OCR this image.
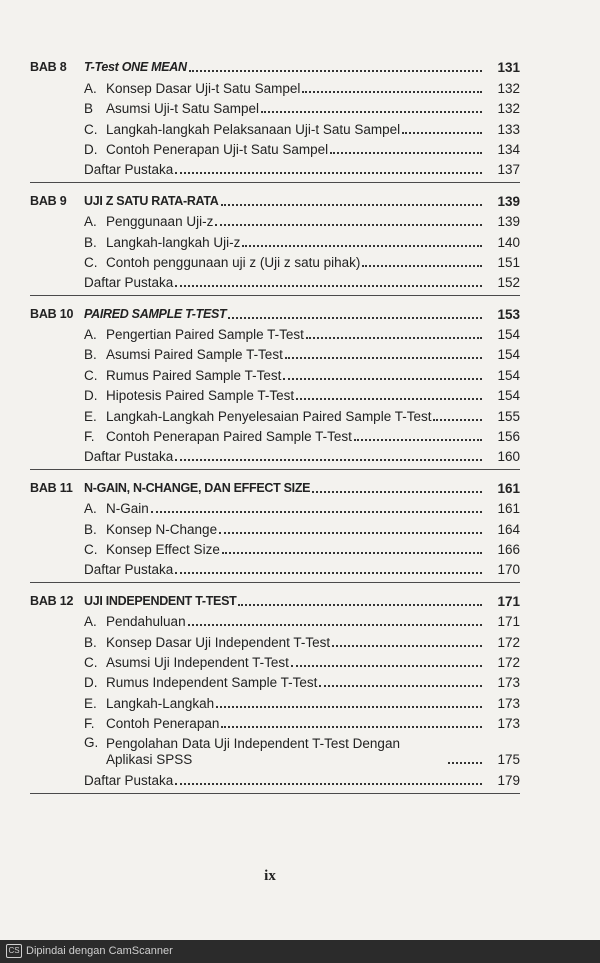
BAB 8	T-Test ONE MEAN	131
A. Konsep Dasar Uji-t Satu Sampel	132
B Asumsi Uji-t Satu Sampel	132
C. Langkah-langkah Pelaksanaan Uji-t Satu Sampel	133
D. Contoh Penerapan Uji-t Satu Sampel	134
Daftar Pustaka	137
BAB 9	UJI Z SATU RATA-RATA	139
A. Penggunaan Uji-z	139
B. Langkah-langkah Uji-z	140
C. Contoh penggunaan uji z (Uji z satu pihak)	151
Daftar Pustaka	152
BAB 10 PAIRED SAMPLE T-TEST	153
A. Pengertian Paired Sample T-Test	154
B. Asumsi Paired Sample T-Test	154
C. Rumus Paired Sample T-Test	154
D. Hipotesis Paired Sample T-Test	154
E. Langkah-Langkah Penyelesaian Paired Sample T-Test	155
F. Contoh Penerapan Paired Sample T-Test	156
Daftar Pustaka	160
BAB 11 N-GAIN, N-CHANGE, DAN EFFECT SIZE	161
A. N-Gain	161
B. Konsep N-Change	164
C. Konsep Effect Size	166
Daftar Pustaka	170
BAB 12 UJI INDEPENDENT T-TEST	171
A. Pendahuluan	171
B. Konsep Dasar Uji Independent T-Test	172
C. Asumsi Uji Independent T-Test	172
D. Rumus Independent Sample T-Test	173
E. Langkah-Langkah	173
F. Contoh Penerapan	173
G. Pengolahan Data Uji Independent T-Test Dengan Aplikasi SPSS	175
Daftar Pustaka	179
ix
CS Dipindai dengan CamScanner
